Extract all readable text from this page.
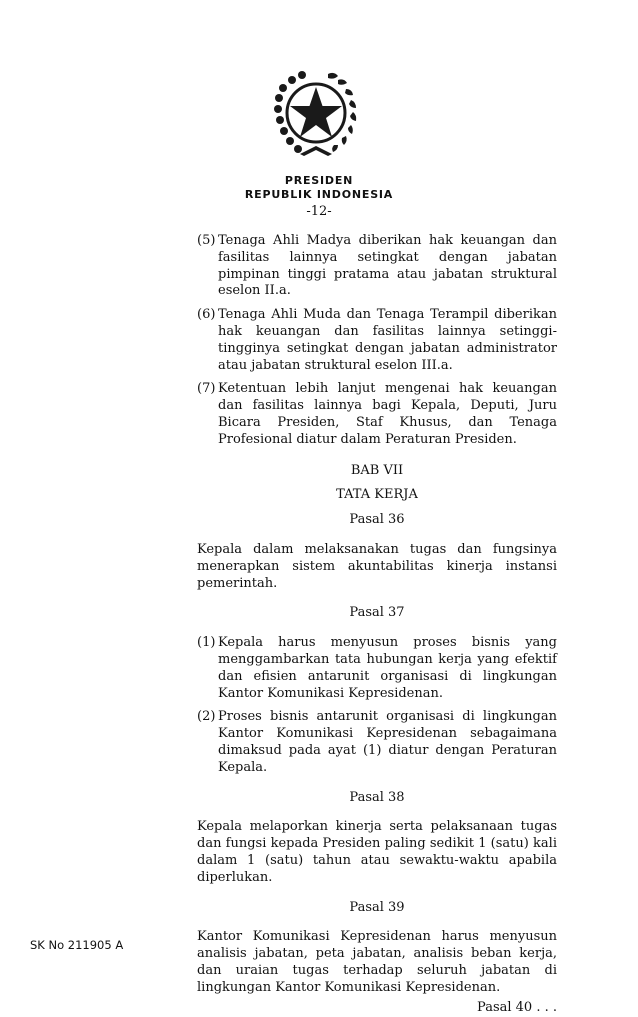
PRESIDEN
REPUBLIK INDONESIA
-12-
(5) Tenaga Ahli Madya diberikan hak keuangan dan fasilitas lainnya setingkat dengan jabatan pimpinan tinggi pratama atau jabatan struktural eselon II.a.
(6) Tenaga Ahli Muda dan Tenaga Terampil diberikan hak keuangan dan fasilitas lainnya setinggi-tingginya setingkat dengan jabatan administrator atau jabatan struktural eselon III.a.
(7) Ketentuan lebih lanjut mengenai hak keuangan dan fasilitas lainnya bagi Kepala, Deputi, Juru Bicara Presiden, Staf Khusus, dan Tenaga Profesional diatur dalam Peraturan Presiden.

BAB VII

TATA KERJA

Pasal 36

Kepala dalam melaksanakan tugas dan fungsinya menerapkan sistem akuntabilitas kinerja instansi pemerintah.

Pasal 37

(1) Kepala harus menyusun proses bisnis yang menggambarkan tata hubungan kerja yang efektif dan efisien antarunit organisasi di lingkungan Kantor Komunikasi Kepresidenan.
(2) Proses bisnis antarunit organisasi di lingkungan Kantor Komunikasi Kepresidenan sebagaimana dimaksud pada ayat (1) diatur dengan Peraturan Kepala.

Pasal 38

Kepala melaporkan kinerja serta pelaksanaan tugas dan fungsi kepada Presiden paling sedikit 1 (satu) kali dalam 1 (satu) tahun atau sewaktu-waktu apabila diperlukan.

Pasal 39

Kantor Komunikasi Kepresidenan harus menyusun analisis jabatan, peta jabatan, analisis beban kerja, dan uraian tugas terhadap seluruh jabatan di lingkungan Kantor Komunikasi Kepresidenan.
Pasal 40 . . .
SK No 211905 A
